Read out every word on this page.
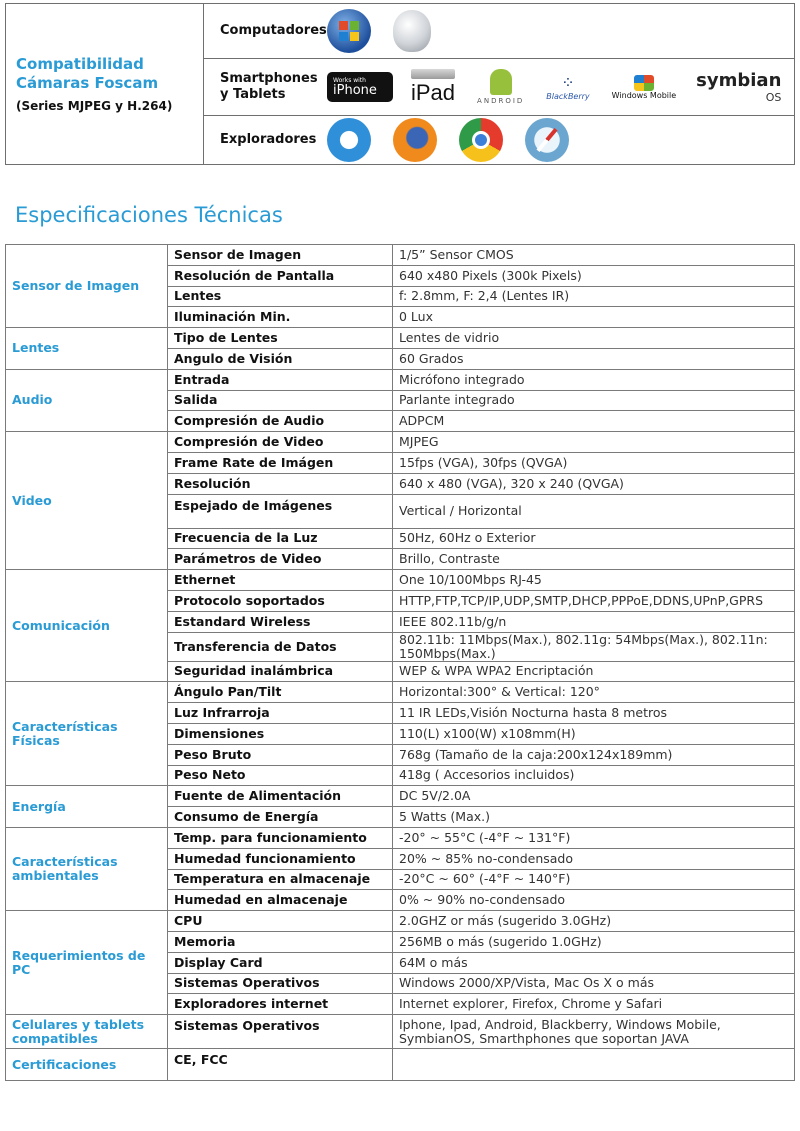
Compatibilidad Cámaras Foscam
(Series MJPEG y H.264)
Computadores
Smartphones y Tablets
Works with
iPhone	iPad	ANDROID
⁘
BlackBerry	Windows Mobile
symbian
OS
Exploradores
Especificaciones Técnicas
Sensor de Imagen	Sensor de Imagen	1/5” Sensor CMOS
	Resolución de Pantalla	640 x480 Pixels (300k Pixels)
	Lentes	f: 2.8mm, F: 2,4 (Lentes IR)
	Iluminación Min.	0 Lux
Lentes	Tipo de Lentes	Lentes de vidrio
	Angulo de Visión	60 Grados
Audio	Entrada	Micrófono integrado
	Salida	Parlante integrado
	Compresión de Audio	ADPCM
Video	Compresión de Video	MJPEG
	Frame Rate de Imágen	15fps (VGA), 30fps (QVGA)
	Resolución	640 x 480 (VGA), 320 x 240 (QVGA)
	Espejado de Imágenes	Vertical / Horizontal
	Frecuencia de la Luz	50Hz, 60Hz o Exterior
	Parámetros de Video	Brillo, Contraste
Comunicación	Ethernet	One 10/100Mbps RJ-45
	Protocolo soportados	HTTP,FTP,TCP/IP,UDP,SMTP,DHCP,PPPoE,DDNS,UPnP,GPRS
	Estandard Wireless	IEEE 802.11b/g/n
	Transferencia de Datos	802.11b: 11Mbps(Max.), 802.11g: 54Mbps(Max.), 802.11n: 150Mbps(Max.)
	Seguridad inalámbrica	WEP & WPA WPA2 Encriptación
Características Físicas	Ángulo Pan/Tilt	Horizontal:300° & Vertical: 120°
	Luz Infrarroja	11 IR LEDs,Visión Nocturna hasta 8 metros
	Dimensiones	110(L) x100(W) x108mm(H)
	Peso Bruto	768g (Tamaño de la caja:200x124x189mm)
	Peso Neto	418g ( Accesorios incluidos)
Energía	Fuente de Alimentación	DC 5V/2.0A
	Consumo de Energía	5 Watts (Max.)
Características ambientales	Temp. para funcionamiento	-20° ~ 55°C (-4°F ~ 131°F)
	Humedad funcionamiento	20% ~ 85% no-condensado
	Temperatura en almacenaje	-20°C ~ 60° (-4°F ~ 140°F)
	Humedad en almacenaje	0% ~ 90% no-condensado
Requerimientos de PC	CPU	2.0GHZ or más (sugerido 3.0GHz)
	Memoria	256MB o más (sugerido 1.0GHz)
	Display Card	64M o más
	Sistemas Operativos	Windows 2000/XP/Vista, Mac Os X o más
	Exploradores internet	Internet explorer, Firefox, Chrome y Safari
Celulares y tablets compatibles	Sistemas Operativos	Iphone, Ipad, Android, Blackberry, Windows Mobile, SymbianOS, Smarthphones que soportan JAVA
Certificaciones	CE, FCC	
